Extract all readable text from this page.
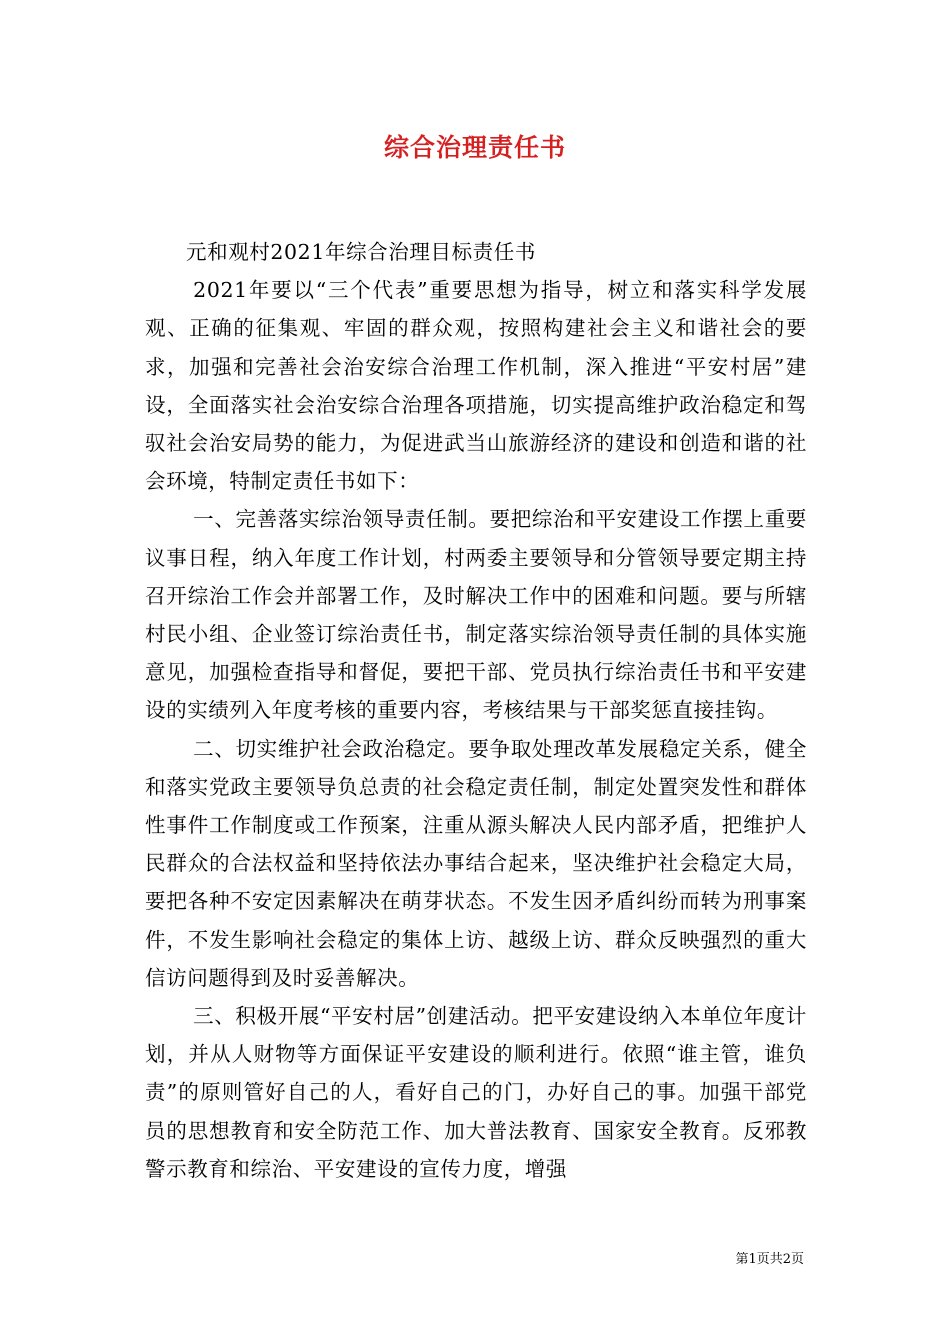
综合治理责任书

元和观村2021年综合治理目标责任书

2021年要以“三个代表”重要思想为指导，树立和落实科学发展观、正确的征集观、牢固的群众观，按照构建社会主义和谐社会的要求，加强和完善社会治安综合治理工作机制，深入推进“平安村居”建设，全面落实社会治安综合治理各项措施，切实提高维护政治稳定和驾驭社会治安局势的能力，为促进武当山旅游经济的建设和创造和谐的社会环境，特制定责任书如下：

一、完善落实综治领导责任制。要把综治和平安建设工作摆上重要议事日程，纳入年度工作计划，村两委主要领导和分管领导要定期主持召开综治工作会并部署工作，及时解决工作中的困难和问题。要与所辖村民小组、企业签订综治责任书，制定落实综治领导责任制的具体实施意见，加强检查指导和督促，要把干部、党员执行综治责任书和平安建设的实绩列入年度考核的重要内容，考核结果与干部奖惩直接挂钩。

二、切实维护社会政治稳定。要争取处理改革发展稳定关系，健全和落实党政主要领导负总责的社会稳定责任制，制定处置突发性和群体性事件工作制度或工作预案，注重从源头解决人民内部矛盾，把维护人民群众的合法权益和坚持依法办事结合起来，坚决维护社会稳定大局，要把各种不安定因素解决在萌芽状态。不发生因矛盾纠纷而转为刑事案件，不发生影响社会稳定的集体上访、越级上访、群众反映强烈的重大信访问题得到及时妥善解决。

三、积极开展“平安村居”创建活动。把平安建设纳入本单位年度计划，并从人财物等方面保证平安建设的顺利进行。依照“谁主管，谁负责”的原则管好自己的人，看好自己的门，办好自己的事。加强干部党员的思想教育和安全防范工作、加大普法教育、国家安全教育。反邪教警示教育和综治、平安建设的宣传力度，增强

第1页共2页
